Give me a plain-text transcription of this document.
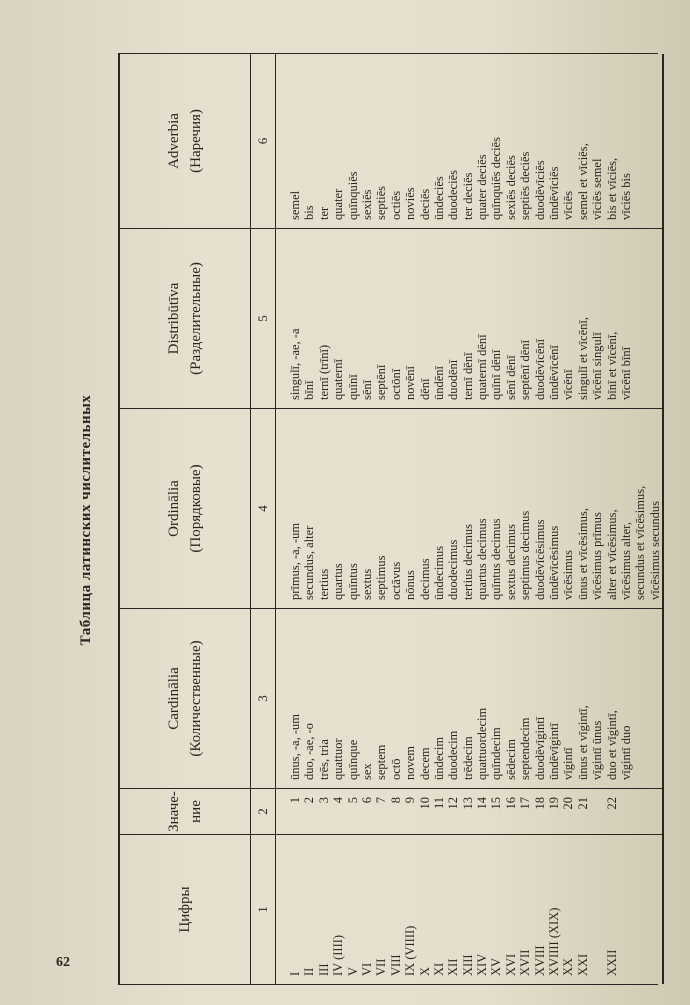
62
Таблица латинских числительных
Цифры
Значе- ние
Cardinālia (Количественные)
Ordinālia (Порядковые)
Distribūtīva (Разделительные)
Adverbia (Наречия)
1
2
3
4
5
6
I II III IV (IIII) V VI VII VIII IX (VIIII) X XI XII XIII XIV XV XVI XVII XVIII XVIIII (XIX) XX XXI XXII
1 2 3 4 5 6 7 8 9 10 11 12 13 14 15 16 17 18 19 20 21 22
ūnus, -a, -um duo, -ae, -o trēs, tria quattuor quīnque sex septem octō novem decem ūndecim duodecim trēdecim quattuordecim quīndecim sēdecim septendecim duodēvīgintī ūndēvīgintī vīgintī ūnus et vīgintī, vīgintī ūnus duo et vīgintī, vīgintī duo
prīmus, -a, -um secundus, alter tertius quartus quīntus sextus septimus octāvus nōnus decimus ūndecimus duodecimus tertius decimus quartus decimus quīntus decimus sextus decimus septimus decimus duodēvīcēsimus ūndēvīcēsimus vīcēsimus ūnus et vīcēsimus, vīcēsimus prīmus alter et vīcēsimus, vīcēsimus alter, secundus et vīcēsimus, vīcēsimus secundus
singulī, -ae, -a bīnī ternī (trīnī) quaternī quīnī sēnī septēnī octōnī novēnī dēnī ūndēnī duodēnī ternī dēnī quaternī dēnī quīnī dēnī sēnī dēnī septēnī dēnī duodēvīcēnī ūndēvīcēnī vīcēnī singulī et vīcēnī, vīcēnī singulī bīnī et vīcēnī, vīcēnī bīnī
semel bis ter quater quīnquiēs sexiēs septiēs octiēs noviēs deciēs ūndeciēs duodeciēs ter deciēs quater deciēs quīnquiēs deciēs sexiēs deciēs septiēs deciēs duodēvīciēs ūndēvīciēs vīciēs semel et vīciēs, vīciēs semel bis et vīciēs, vīciēs bis
